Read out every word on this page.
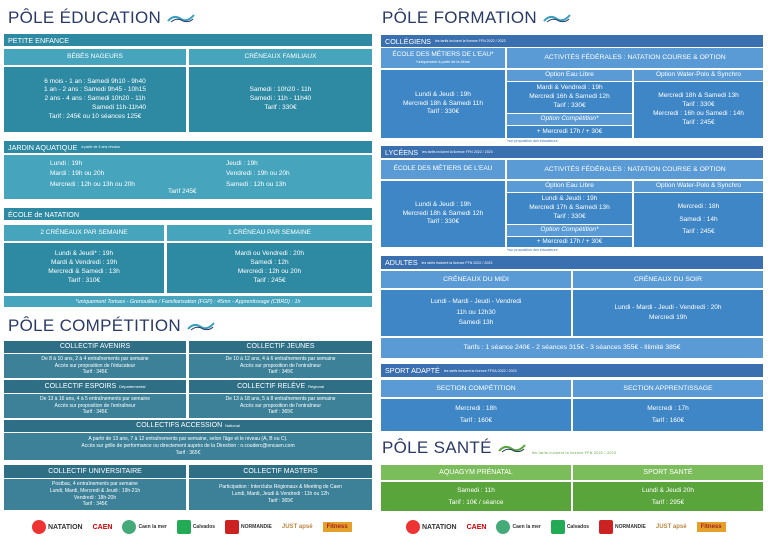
PÔLE ÉDUCATION
PETITE ENFANCE
BÉBÉS NAGEURS	CRÉNEAUX FAMILIAUX
6 mois - 1 an : Samedi 9h10 - 9h40
1 an - 2 ans : Samedi 9h45 - 10h15
2 ans - 4 ans : Samedi 10h20 - 11h
Samedi 11h-11h40
Tarif : 245€ ou 10 séances 125€
Samedi : 10h20 - 11h
Samedi : 11h - 11h40
Tarif : 330€
JARDIN AQUATIQUE à partir de 4 ans révolus
Lundi : 19h
Mardi : 19h ou 20h
Mercredi : 12h ou 13h ou 20h
Jeudi : 19h
Vendredi : 19h ou 20h
Samedi : 12h ou 13h
Tarif 245€
ÉCOLE de NATATION
2 CRÉNEAUX PAR SEMAINE	1 CRÉNEAU PAR SEMAINE
Lundi & Jeudi* : 19h
Mardi & Vendredi : 19h
Mercredi & Samedi : 13h
Tarif : 310€
Mardi ou Vendredi : 20h
Samedi : 12h
Mercredi : 12h ou 20h
Tarif : 245€
*uniquement Tortues - Grenouilles / Familiarisation (FGP) : 45mn - Apprentissage (CBRD) : 1h
PÔLE COMPÉTITION
COLLECTIF AVENIRS
De 8 à 10 ans, 2 à 4 entraînements par semaine
Accès sur proposition de l'éducateur
Tarif : 345€
COLLECTIF JEUNES
De 10 à 12 ans, 4 à 6 entraînements par semaine
Accès sur proposition de l'entraîneur
Tarif : 345€
COLLECTIF ESPOIRS Départemental
De 13 à 16 ans, 4 à 5 entraînements par semaine
Accès sur proposition de l'entraîneur
Tarif : 345€
COLLECTIF RELÈVE Régional
De 13 à 18 ans, 5 à 8 entraînements par semaine
Accès sur proposition de l'entraîneur
Tarif : 365€
COLLECTIFS ACCESSION National
A partir de 13 ans, 7 à 12 entraînements par semaine, selon l'âge et le niveau (A, B ou C).
Accès sur grille de performance ou directement auprès de la Direction : n.couderc@encaen.com
Tarif : 365€
COLLECTIF UNIVERSITAIRE
Postbac, 4 entraînements par semaine
Lundi, Mardi, Mercredi & Jeudi : 19h-21h
Vendredi : 18h-20h
Tarif : 345€
COLLECTIF MASTERS
Participation : Interclubs Régionaux & Meeting de Caen
Lundi, Mardi, Jeudi & Vendredi : 11h ou 12h
Tarif : 365€
NATATION CAEN	Caen la mer	Calvados	NORMANDIE JUST apsé Fitness
PÔLE FORMATION
COLLÉGIENS les tarifs incluent la licence FFN 2022 / 2023
ÉCOLE DES MÉTIERS DE L'EAU*
*uniquement à partir de la 4ème
ACTIVITÉS FÉDÉRALES : NATATION COURSE & OPTION
Lundi & Jeudi : 19h
Mercredi 18h & Samedi 11h
Tarif : 330€
Option Eau Libre
Mardi & Vendredi : 19h
Mercredi 16h & Samedi 12h
Tarif : 330€
Option Compétition*
+ Mercredi 17h / + 30€
Option Water-Polo & Synchro
Mercredi 18h & Samedi 13h
Tarif : 330€
Mercredi : 16h ou Samedi : 14h
Tarif : 245€
*sur proposition des éducateurs
LYCÉENS les tarifs incluent la licence FFN 2022 / 2023
ÉCOLE DES MÉTIERS DE L'EAU	ACTIVITÉS FÉDÉRALES : NATATION COURSE & OPTION
Lundi & Jeudi : 19h
Mercredi 18h & Samedi 12h
Tarif : 330€
Option Eau Libre
Lundi & Jeudi : 19h
Mercredi 17h & Samedi 13h
Tarif : 330€
Option Compétition*
+ Mercredi 17h / + 30€
Option Water-Polo & Synchro
Mercredi : 18h
Samedi : 14h
Tarif : 245€
*sur proposition des éducateurs
ADULTES les tarifs incluent la licence FFN 2022 / 2023
CRÉNEAUX DU MIDI	CRÉNEAUX DU SOIR
Lundi - Mardi - Jeudi - Vendredi
11h ou 12h30
Samedi 13h
Lundi - Mardi - Jeudi - Vendredi : 20h
Mercredi 19h
Tarifs : 1 séance 240€ - 2 séances 315€ - 3 séances 355€ - Illimité 385€
SPORT ADAPTÉ les tarifs incluent la licence FFSA 2022 / 2023
SECTION COMPÉTITION	SECTION APPRENTISSAGE
Mercredi : 18h
Tarif : 160€
Mercredi : 17h
Tarif : 160€
PÔLE SANTÉ	les tarifs incluent la licence FFN 2022 / 2023
AQUAGYM PRÉNATAL	SPORT SANTÉ
Samedi : 11h
Tarif : 10€ / séance
Lundi & Jeudi 20h
Tarif : 295€
NATATION CAEN	Caen la mer	Calvados	NORMANDIE JUST apsé Fitness
